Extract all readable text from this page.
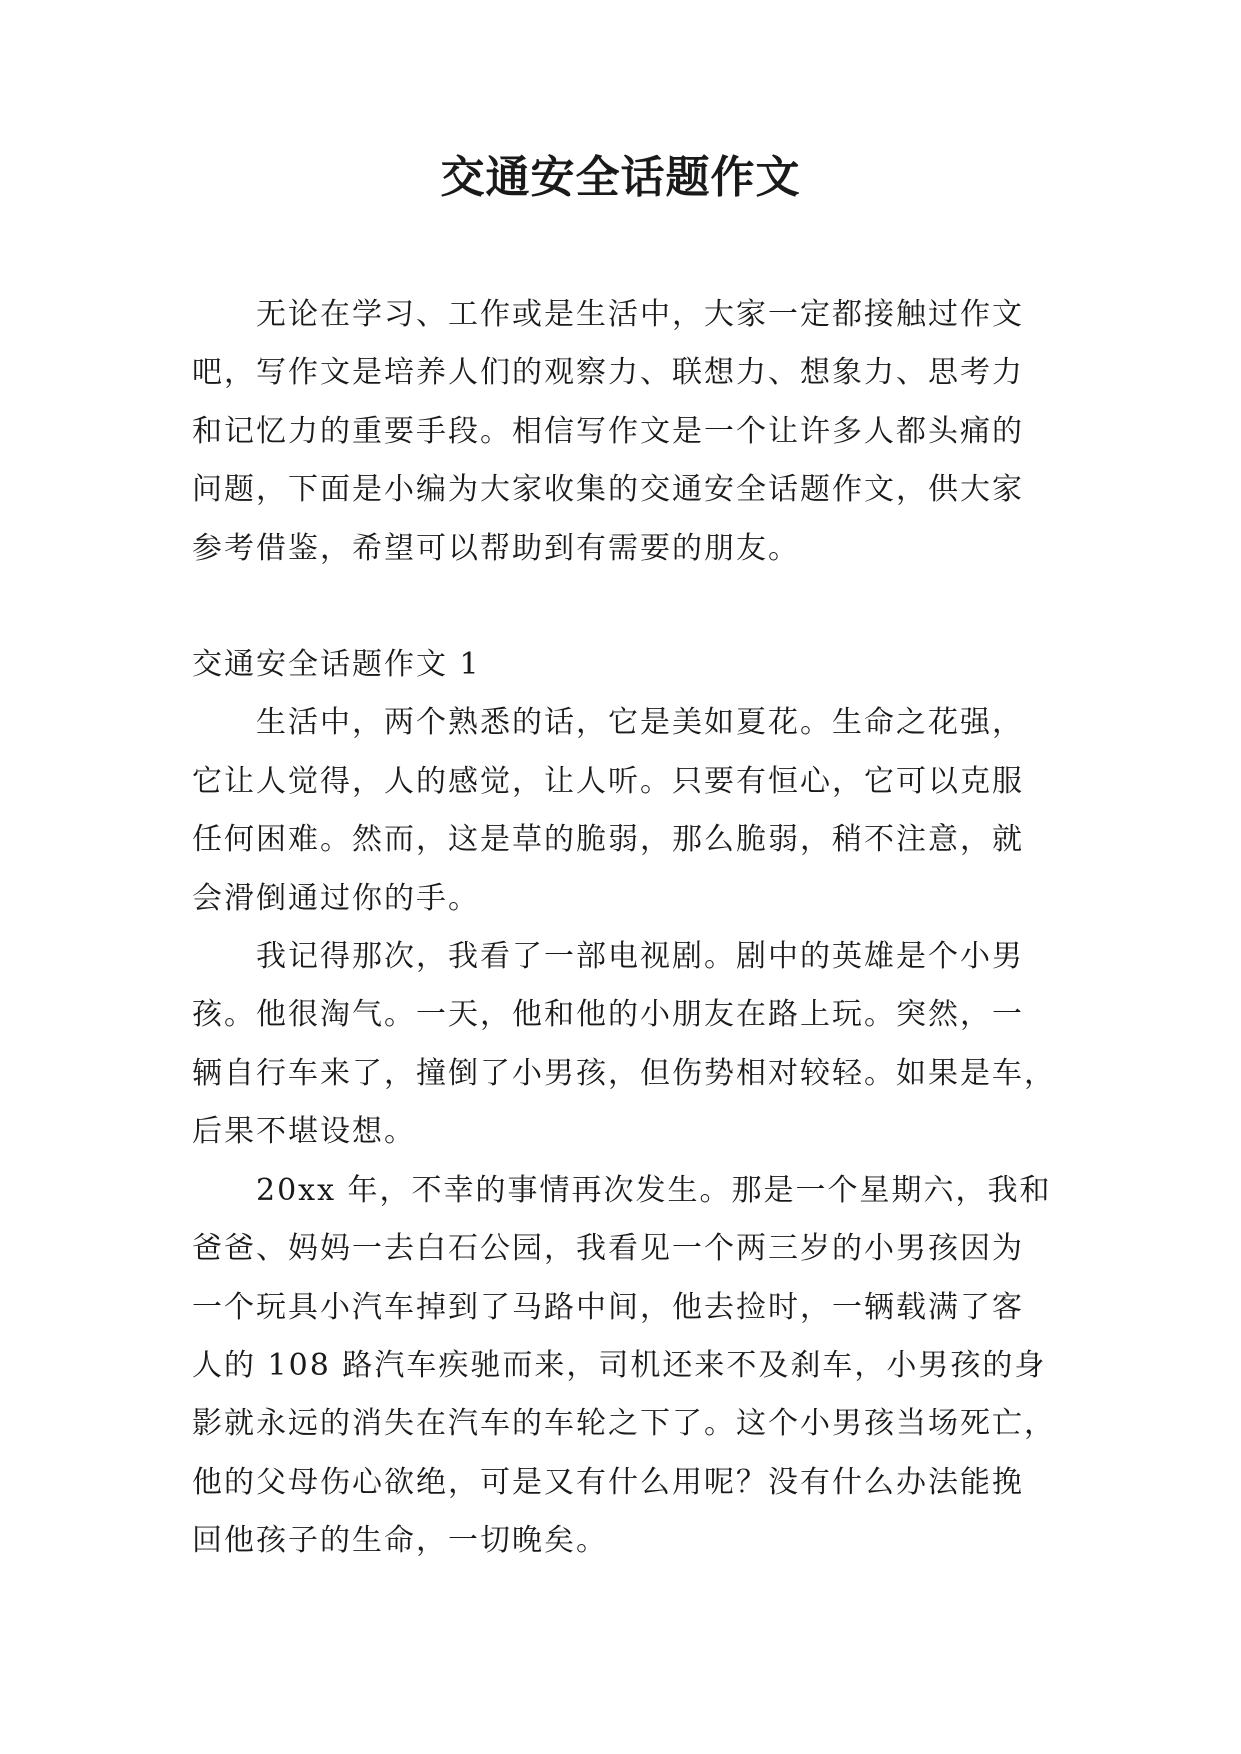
交通安全话题作文

无论在学习、工作或是生活中，大家一定都接触过作文
吧，写作文是培养人们的观察力、联想力、想象力、思考力
和记忆力的重要手段。相信写作文是一个让许多人都头痛的
问题，下面是小编为大家收集的交通安全话题作文，供大家
参考借鉴，希望可以帮助到有需要的朋友。

交通安全话题作文 1

生活中，两个熟悉的话，它是美如夏花。生命之花强，
它让人觉得，人的感觉，让人听。只要有恒心，它可以克服
任何困难。然而，这是草的脆弱，那么脆弱，稍不注意，就
会滑倒通过你的手。

我记得那次，我看了一部电视剧。剧中的英雄是个小男
孩。他很淘气。一天，他和他的小朋友在路上玩。突然，一
辆自行车来了，撞倒了小男孩，但伤势相对较轻。如果是车，
后果不堪设想。

20xx 年，不幸的事情再次发生。那是一个星期六，我和
爸爸、妈妈一去白石公园，我看见一个两三岁的小男孩因为
一个玩具小汽车掉到了马路中间，他去捡时，一辆载满了客
人的 108 路汽车疾驰而来，司机还来不及刹车，小男孩的身
影就永远的消失在汽车的车轮之下了。这个小男孩当场死亡，
他的父母伤心欲绝，可是又有什么用呢？没有什么办法能挽
回他孩子的生命，一切晚矣。
